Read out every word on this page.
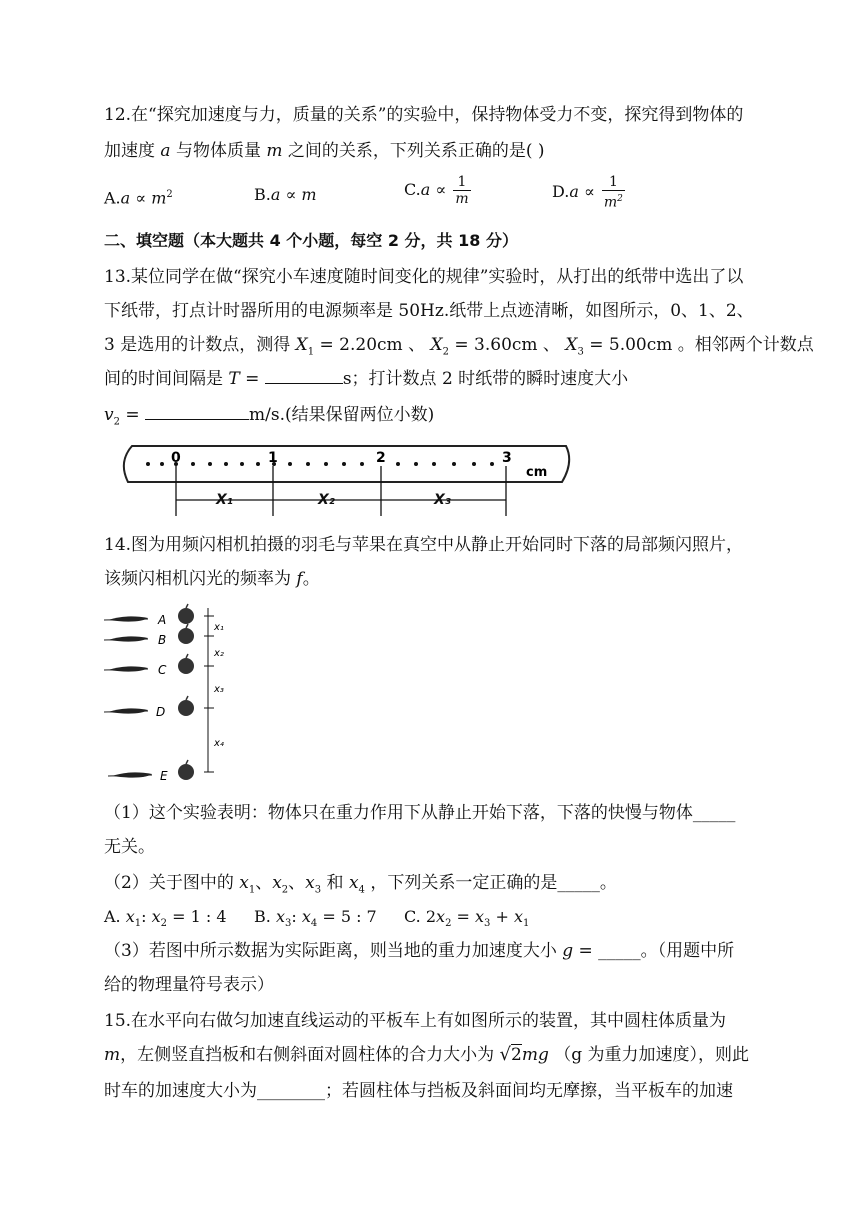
12.在“探究加速度与力，质量的关系”的实验中，保持物体受力不变，探究得到物体的
加速度 a 与物体质量 m 之间的关系，下列关系正确的是( )
$A.a \propto m^2$	B.a ∝ m	$C.a \propto \frac{1}{m}$	$D.a \propto \frac{1}{m^2}$
二、填空题（本大题共 4 个小题，每空 2 分，共 18 分）
13.某位同学在做“探究小车速度随时间变化的规律”实验时，从打出的纸带中选出了以
下纸带，打点计时器所用的电源频率是 50Hz.纸带上点迹清晰，如图所示，0、1、2、
3 是选用的计数点，测得 $X_1 = 2.20cm$ 、 $X_2 = 3.60cm$ 、 $X_3 = 5.00cm$ 。相邻两个计数点
间的时间间隔是 T =	s；打计数点 2 时纸带的瞬时速度大小
$v_2$ =	m/s.(结果保留两位小数)
0	1	2	3
cm
X₁	X₂	X₃
14.图为用频闪相机拍摄的羽毛与苹果在真空中从静止开始同时下落的局部频闪照片，
该频闪相机闪光的频率为 f。
A
B
C
D
E
x₁
x₂
x₃
x₄
（1）这个实验表明：物体只在重力作用下从静止开始下落，下落的快慢与物体_____
无关。
（2）关于图中的 $x_1$、$x_2$、$x_3$ 和 $x_4$ ，下列关系一定正确的是_____。
A. $x_1$: $x_2 = 1$ : 4 B. $x_3$: $x_4 = 5$ : 7 C. $2x_2 = x_3 + x_1$
（3）若图中所示数据为实际距离，则当地的重力加速度大小 g = _____。（用题中所
给的物理量符号表示）
15.在水平向右做匀加速直线运动的平板车上有如图所示的装置，其中圆柱体质量为
m，左侧竖直挡板和右侧斜面对圆柱体的合力大小为 √2mg （g 为重力加速度），则此
时车的加速度大小为________；若圆柱体与挡板及斜面间均无摩擦，当平板车的加速
